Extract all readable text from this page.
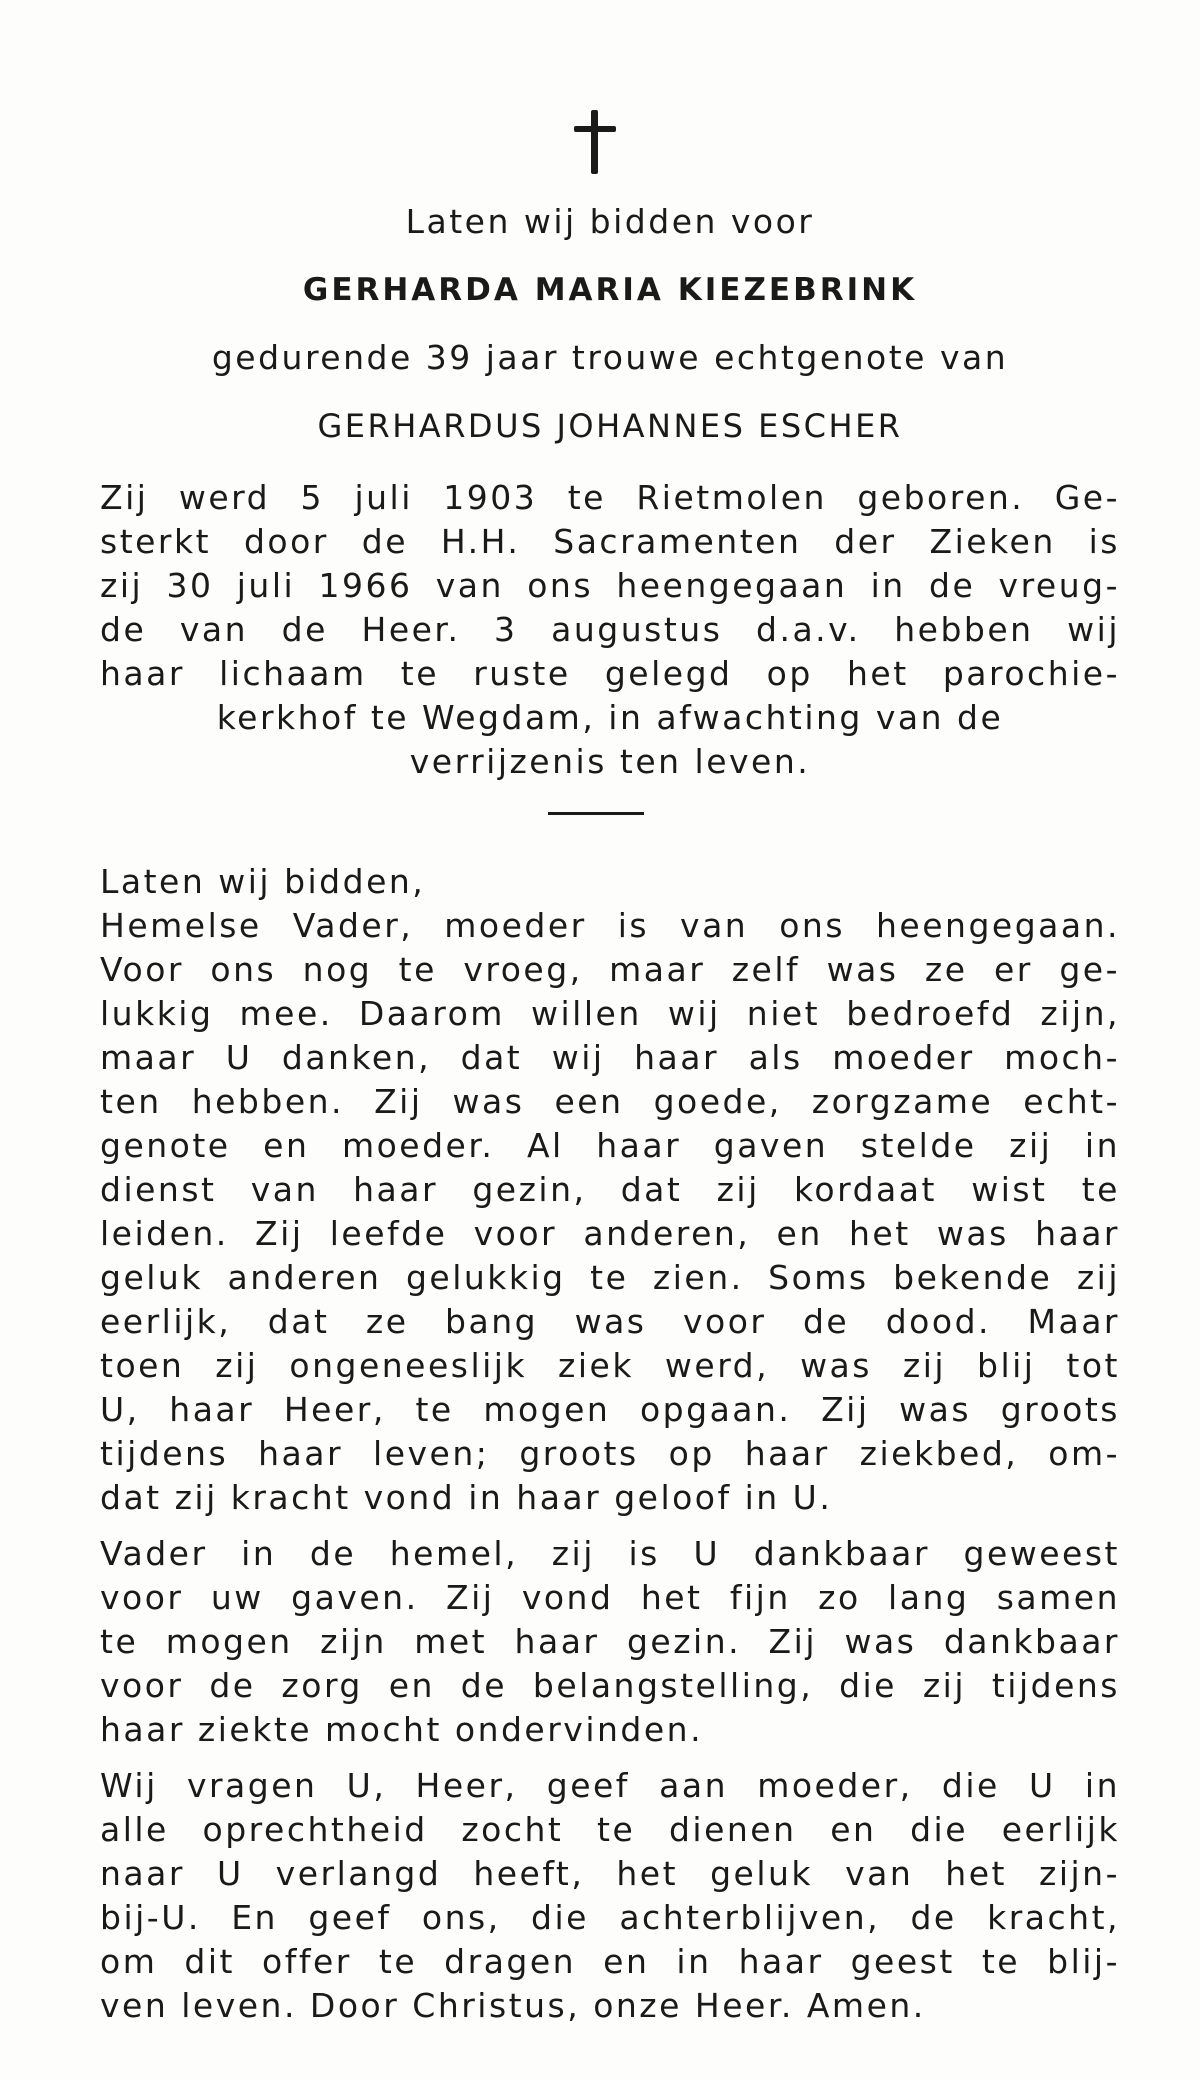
Laten wij bidden voor

GERHARDA MARIA KIEZEBRINK

gedurende 39 jaar trouwe echtgenote van

GERHARDUS JOHANNES ESCHER

Zij werd 5 juli 1903 te Rietmolen geboren. Ge-

sterkt door de H.H. Sacramenten der Zieken is

zij 30 juli 1966 van ons heengegaan in de vreug-

de van de Heer. 3 augustus d.a.v. hebben wij

haar lichaam te ruste gelegd op het parochie-

kerkhof te Wegdam, in afwachting van de

verrijzenis ten leven.

Laten wij bidden,

Hemelse Vader, moeder is van ons heengegaan.

Voor ons nog te vroeg, maar zelf was ze er ge-

lukkig mee. Daarom willen wij niet bedroefd zijn,

maar U danken, dat wij haar als moeder moch-

ten hebben. Zij was een goede, zorgzame echt-

genote en moeder. Al haar gaven stelde zij in

dienst van haar gezin, dat zij kordaat wist te

leiden. Zij leefde voor anderen, en het was haar

geluk anderen gelukkig te zien. Soms bekende zij

eerlijk, dat ze bang was voor de dood. Maar

toen zij ongeneeslijk ziek werd, was zij blij tot

U, haar Heer, te mogen opgaan. Zij was groots

tijdens haar leven; groots op haar ziekbed, om-

dat zij kracht vond in haar geloof in U.

Vader in de hemel, zij is U dankbaar geweest

voor uw gaven. Zij vond het fijn zo lang samen

te mogen zijn met haar gezin. Zij was dankbaar

voor de zorg en de belangstelling, die zij tijdens

haar ziekte mocht ondervinden.

Wij vragen U, Heer, geef aan moeder, die U in

alle oprechtheid zocht te dienen en die eerlijk

naar U verlangd heeft, het geluk van het zijn-

bij-U. En geef ons, die achterblijven, de kracht,

om dit offer te dragen en in haar geest te blij-

ven leven. Door Christus, onze Heer. Amen.
